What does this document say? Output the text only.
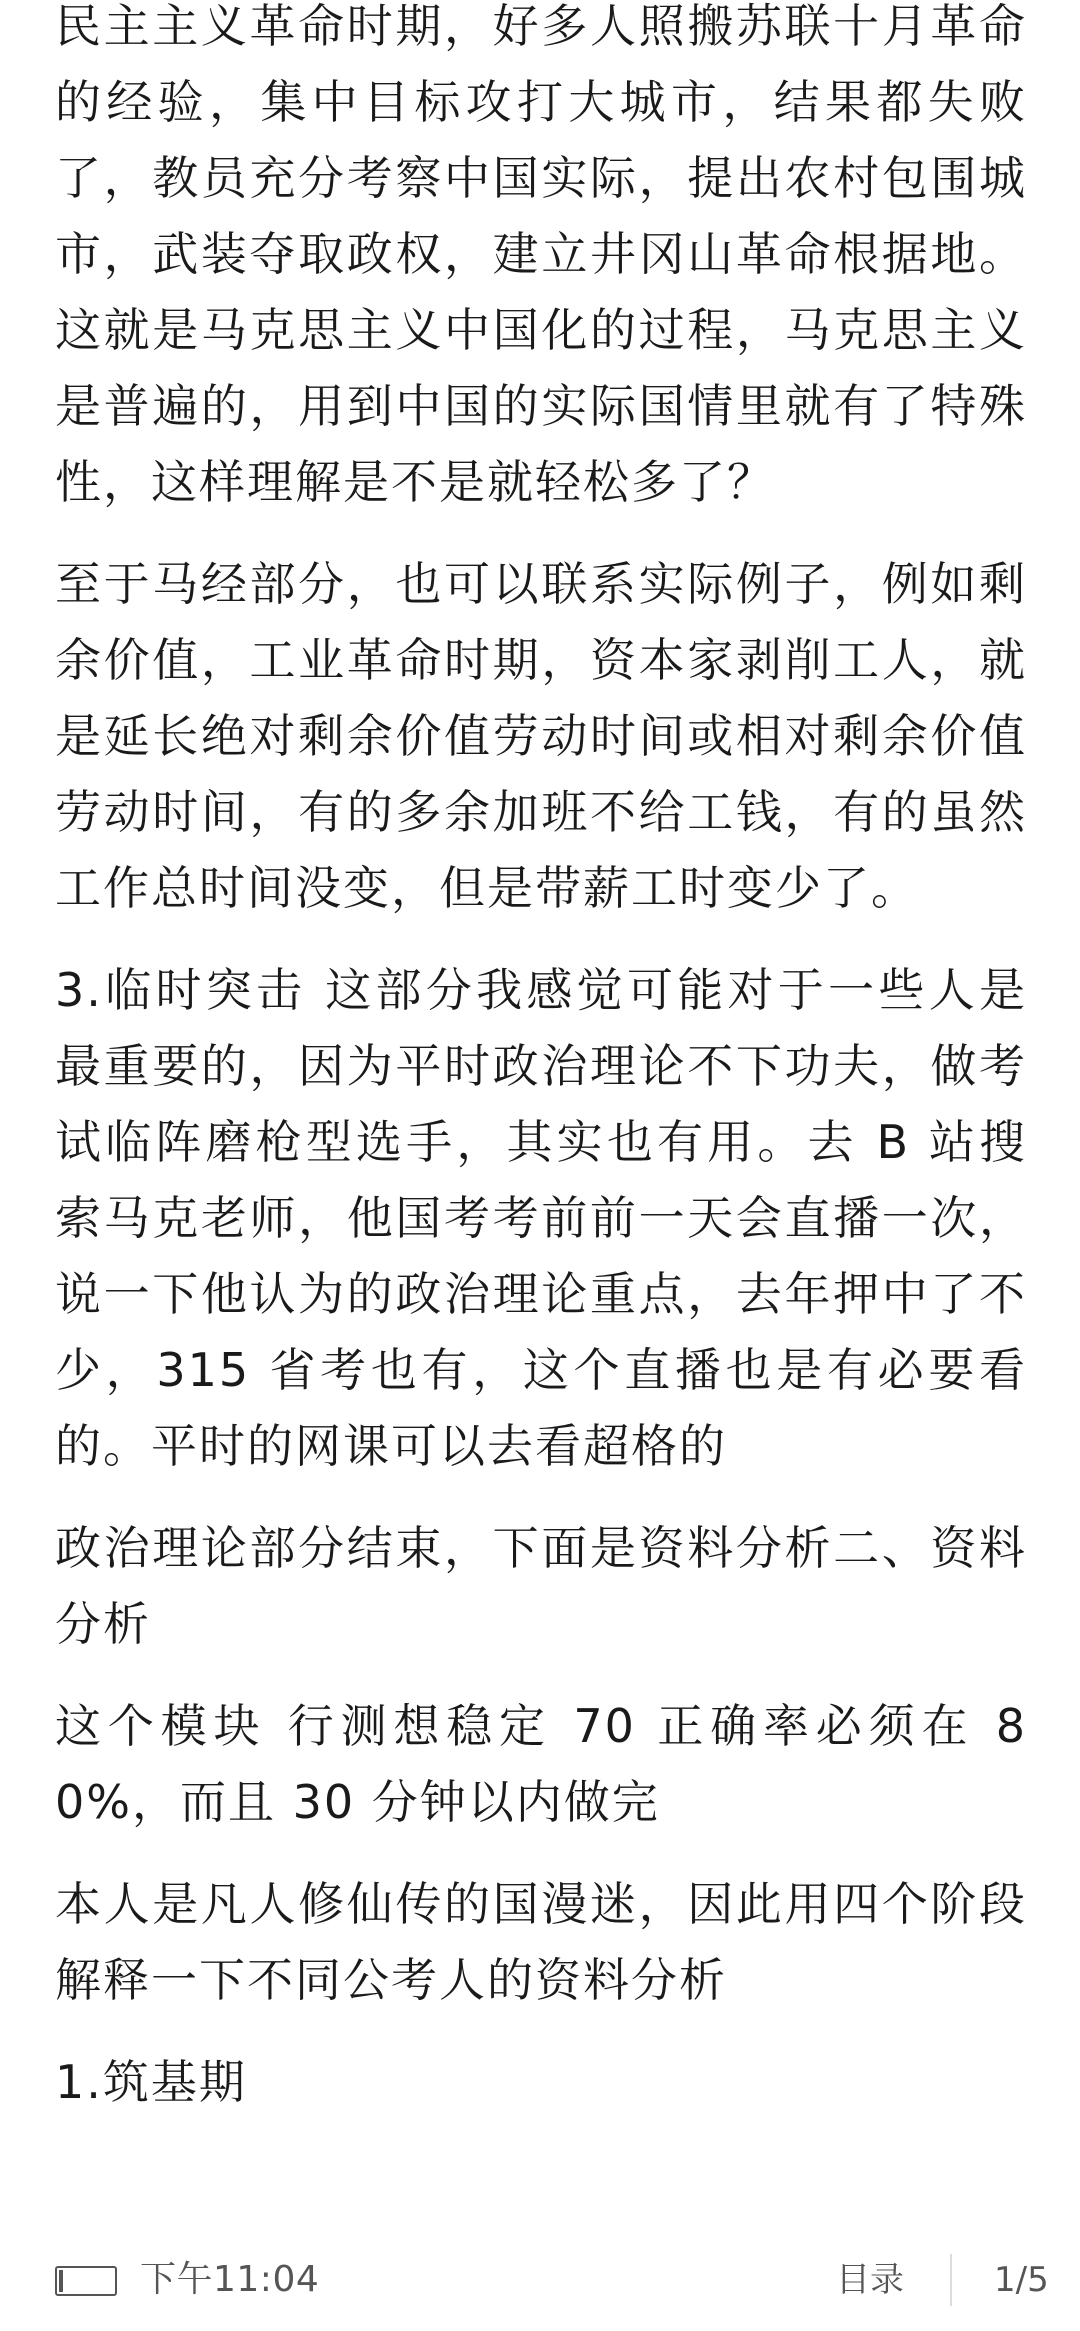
民主主义革命时期，好多人照搬苏联十月革命的经验，集中目标攻打大城市，结果都失败了，教员充分考察中国实际，提出农村包围城市，武装夺取政权，建立井冈山革命根据地。这就是马克思主义中国化的过程，马克思主义是普遍的，用到中国的实际国情里就有了特殊性，这样理解是不是就轻松多了？

至于马经部分，也可以联系实际例子，例如剩余价值，工业革命时期，资本家剥削工人，就是延长绝对剩余价值劳动时间或相对剩余价值劳动时间，有的多余加班不给工钱，有的虽然工作总时间没变，但是带薪工时变少了。

3.临时突击 这部分我感觉可能对于一些人是最重要的，因为平时政治理论不下功夫，做考试临阵磨枪型选手，其实也有用。去 B 站搜索马克老师，他国考考前前一天会直播一次， 说一下他认为的政治理论重点，去年押中了不少，315 省考也有，这个直播也是有必要看的。平时的网课可以去看超格的

政治理论部分结束，下面是资料分析二、资料分析

这个模块 行测想稳定 70 正确率必须在 80%，而且 30 分钟以内做完

本人是凡人修仙传的国漫迷，因此用四个阶段解释一下不同公考人的资料分析

1.筑基期

下午11:04	目录	1/5
